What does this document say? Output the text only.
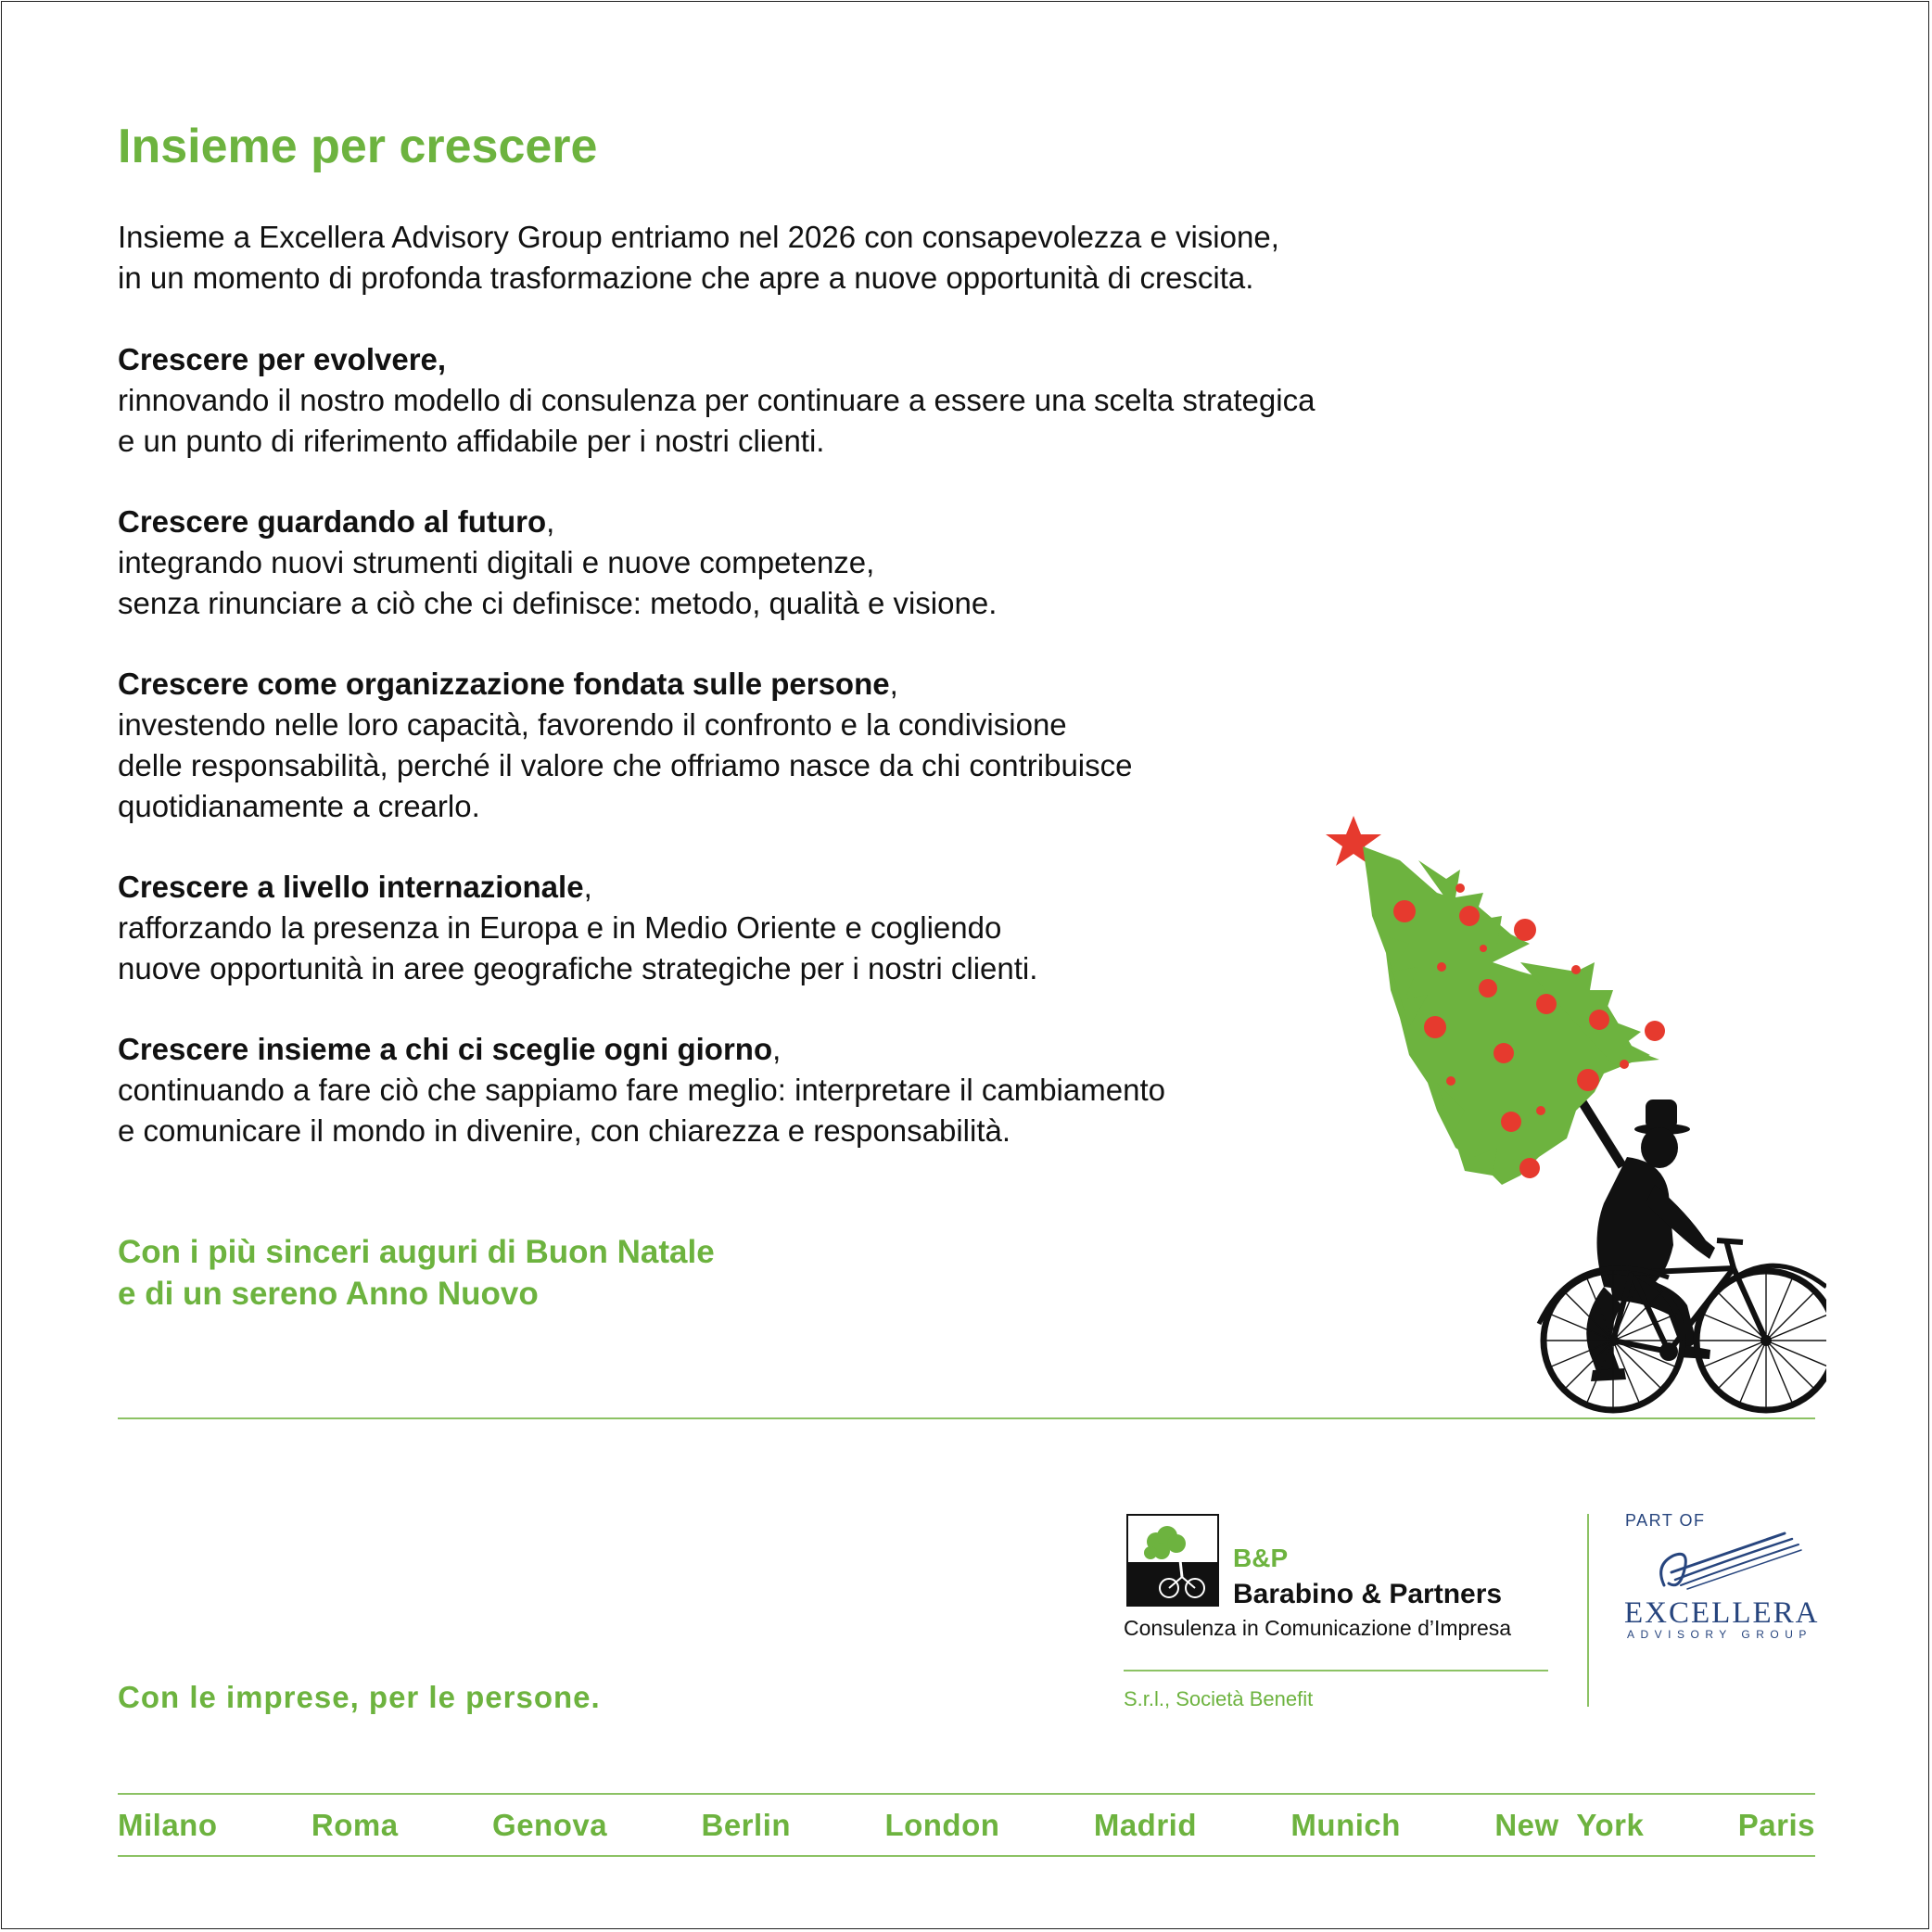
Insieme per crescere

Insieme a Excellera Advisory Group entriamo nel 2026 con consapevolezza e visione,

in un momento di profonda trasformazione che apre a nuove opportunità di crescita.

Crescere per evolvere,

rinnovando il nostro modello di consulenza per continuare a essere una scelta strategica

e un punto di riferimento affidabile per i nostri clienti.

Crescere guardando al futuro,

integrando nuovi strumenti digitali e nuove competenze,

senza rinunciare a ciò che ci definisce: metodo, qualità e visione.

Crescere come organizzazione fondata sulle persone,

investendo nelle loro capacità, favorendo il confronto e la condivisione

delle responsabilità, perché il valore che offriamo nasce da chi contribuisce

quotidianamente a crearlo.

Crescere a livello internazionale,

rafforzando la presenza in Europa e in Medio Oriente e cogliendo

nuove opportunità in aree geografiche strategiche per i nostri clienti.

Crescere insieme a chi ci sceglie ogni giorno,

continuando a fare ciò che sappiamo fare meglio: interpretare il cambiamento

e comunicare il mondo in divenire, con chiarezza e responsabilità.

Con i più sinceri auguri di Buon Natale
e di un sereno Anno Nuovo
Con le imprese, per le persone.
B&P
Barabino & Partners
Consulenza in Comunicazione d’Impresa
S.r.l., Società Benefit
PART OF
EXCELLERA
ADVISORY GROUP
Milano	Roma	Genova	Berlin	London	Madrid	Munich	New  York	Paris
